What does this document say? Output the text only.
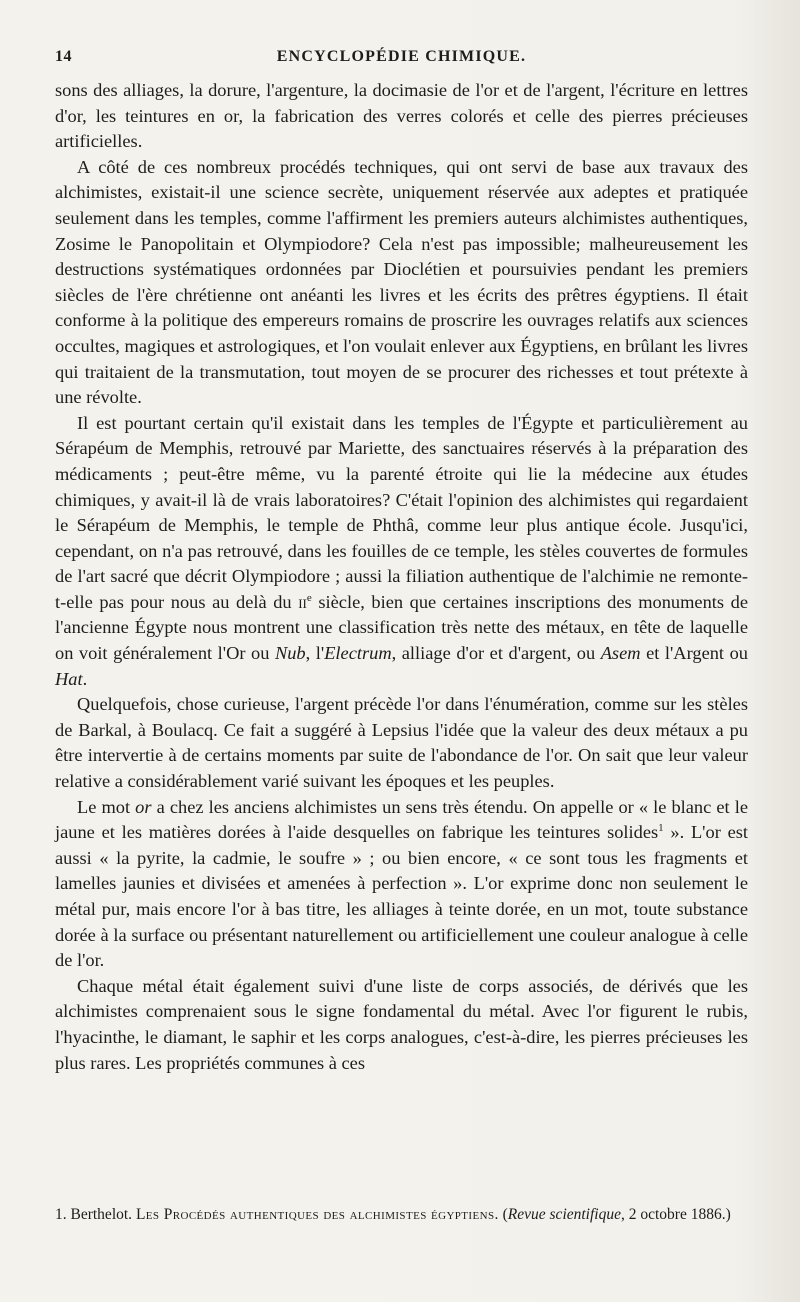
14	ENCYCLOPÉDIE CHIMIQUE.

sons des alliages, la dorure, l'argenture, la docimasie de l'or et de l'argent, l'écriture en lettres d'or, les teintures en or, la fabrication des verres colorés et celle des pierres précieuses artificielles.

A côté de ces nombreux procédés techniques, qui ont servi de base aux travaux des alchimistes, existait-il une science secrète, uniquement réservée aux adeptes et pratiquée seulement dans les temples, comme l'affirment les premiers auteurs alchimistes authentiques, Zosime le Panopolitain et Olympiodore? Cela n'est pas impossible; malheureusement les destructions systématiques ordonnées par Dioclétien et poursuivies pendant les premiers siècles de l'ère chrétienne ont anéanti les livres et les écrits des prêtres égyptiens. Il était conforme à la politique des empereurs romains de proscrire les ouvrages relatifs aux sciences occultes, magiques et astrologiques, et l'on voulait enlever aux Égyptiens, en brûlant les livres qui traitaient de la transmutation, tout moyen de se procurer des richesses et tout prétexte à une révolte.

Il est pourtant certain qu'il existait dans les temples de l'Égypte et particulièrement au Sérapéum de Memphis, retrouvé par Mariette, des sanctuaires réservés à la préparation des médicaments ; peut-être même, vu la parenté étroite qui lie la médecine aux études chimiques, y avait-il là de vrais laboratoires? C'était l'opinion des alchimistes qui regardaient le Sérapéum de Memphis, le temple de Phthâ, comme leur plus antique école. Jusqu'ici, cependant, on n'a pas retrouvé, dans les fouilles de ce temple, les stèles couvertes de formules de l'art sacré que décrit Olympiodore ; aussi la filiation authentique de l'alchimie ne remonte-t-elle pas pour nous au delà du $ii^e$ siècle, bien que certaines inscriptions des monuments de l'ancienne Égypte nous montrent une classification très nette des métaux, en tête de laquelle on voit généralement l'Or ou Nub, l'Electrum, alliage d'or et d'argent, ou Asem et l'Argent ou Hat.

Quelquefois, chose curieuse, l'argent précède l'or dans l'énumération, comme sur les stèles de Barkal, à Boulacq. Ce fait a suggéré à Lepsius l'idée que la valeur des deux métaux a pu être intervertie à de certains moments par suite de l'abondance de l'or. On sait que leur valeur relative a considérablement varié suivant les époques et les peuples.

Le mot or a chez les anciens alchimistes un sens très étendu. On appelle or « le blanc et le jaune et les matières dorées à l'aide desquelles on fabrique les teintures solides$^1$ ». L'or est aussi « la pyrite, la cadmie, le soufre » ; ou bien encore, « ce sont tous les fragments et lamelles jaunies et divisées et amenées à perfection ». L'or exprime donc non seulement le métal pur, mais encore l'or à bas titre, les alliages à teinte dorée, en un mot, toute substance dorée à la surface ou présentant naturellement ou artificiellement une couleur analogue à celle de l'or.

Chaque métal était également suivi d'une liste de corps associés, de dérivés que les alchimistes comprenaient sous le signe fondamental du métal. Avec l'or figurent le rubis, l'hyacinthe, le diamant, le saphir et les corps analogues, c'est-à-dire, les pierres précieuses les plus rares. Les propriétés communes à ces

1. Berthelot. Les Procédés authentiques des alchimistes égyptiens. (Revue scientifique, 2 octobre 1886.)
